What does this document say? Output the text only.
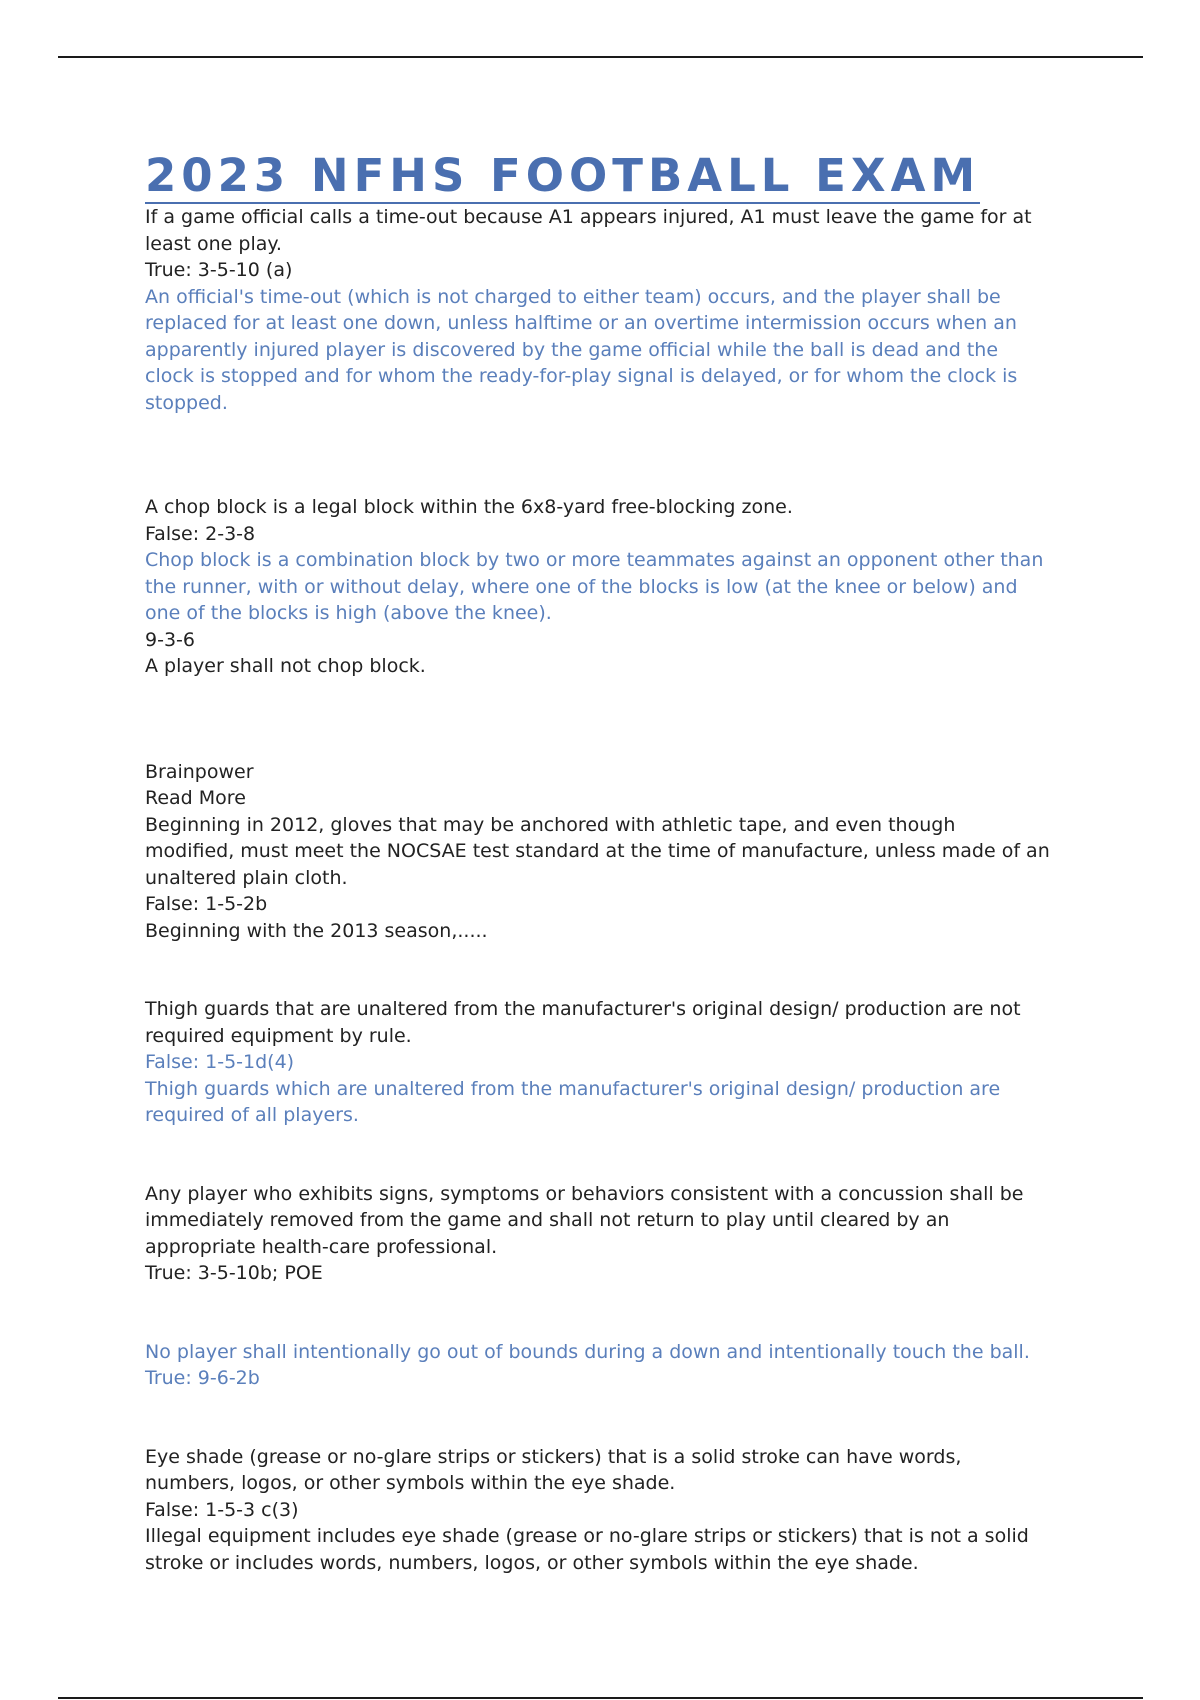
2023 NFHS FOOTBALL EXAM

If a game official calls a time-out because A1 appears injured, A1 must leave the game for at least one play.

True: 3-5-10 (a)

An official's time-out (which is not charged to either team) occurs, and the player shall be replaced for at least one down, unless halftime or an overtime intermission occurs when an apparently injured player is discovered by the game official while the ball is dead and the clock is stopped and for whom the ready-for-play signal is delayed, or for whom the clock is stopped.

A chop block is a legal block within the 6x8-yard free-blocking zone.

False: 2-3-8

Chop block is a combination block by two or more teammates against an opponent other than the runner, with or without delay, where one of the blocks is low (at the knee or below) and one of the blocks is high (above the knee).

9-3-6

A player shall not chop block.

Brainpower

Read More

Beginning in 2012, gloves that may be anchored with athletic tape, and even though modified, must meet the NOCSAE test standard at the time of manufacture, unless made of an unaltered plain cloth.

False: 1-5-2b

Beginning with the 2013 season,.....

Thigh guards that are unaltered from the manufacturer's original design/ production are not required equipment by rule.

False: 1-5-1d(4)

Thigh guards which are unaltered from the manufacturer's original design/ production are required of all players.

Any player who exhibits signs, symptoms or behaviors consistent with a concussion shall be immediately removed from the game and shall not return to play until cleared by an appropriate health-care professional.

True: 3-5-10b; POE

No player shall intentionally go out of bounds during a down and intentionally touch the ball.

True: 9-6-2b

Eye shade (grease or no-glare strips or stickers) that is a solid stroke can have words, numbers, logos, or other symbols within the eye shade.

False: 1-5-3 c(3)

Illegal equipment includes eye shade (grease or no-glare strips or stickers) that is not a solid stroke or includes words, numbers, logos, or other symbols within the eye shade.
